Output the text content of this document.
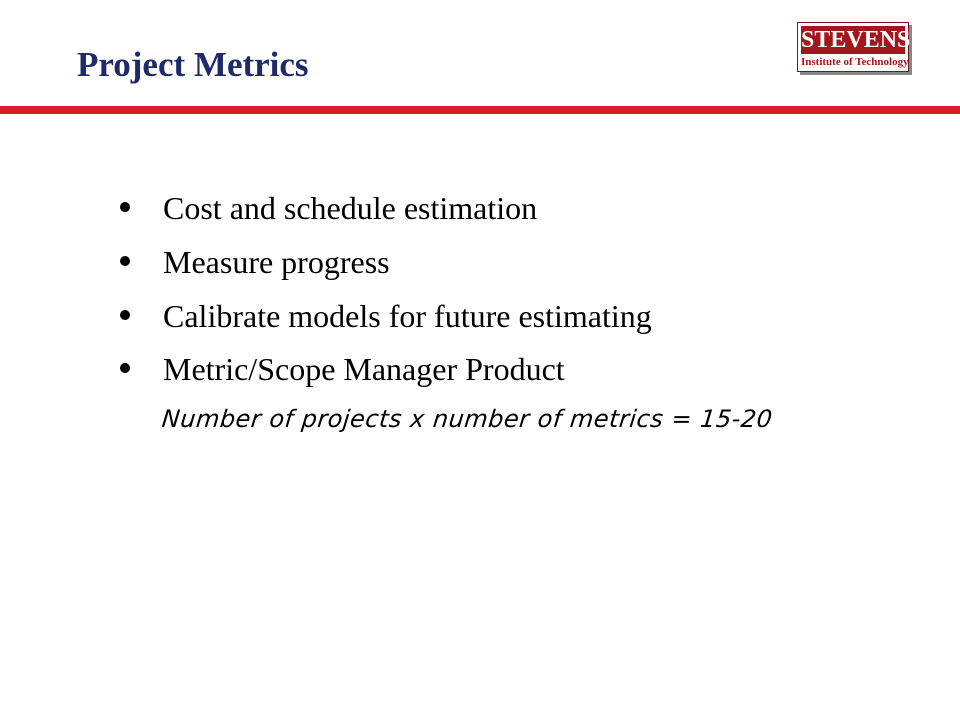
Project Metrics
STEVENS
Institute of Technology
Cost and schedule estimation
Measure progress
Calibrate models for future estimating
Metric/Scope Manager Product
Number of projects x number of metrics = 15-20
